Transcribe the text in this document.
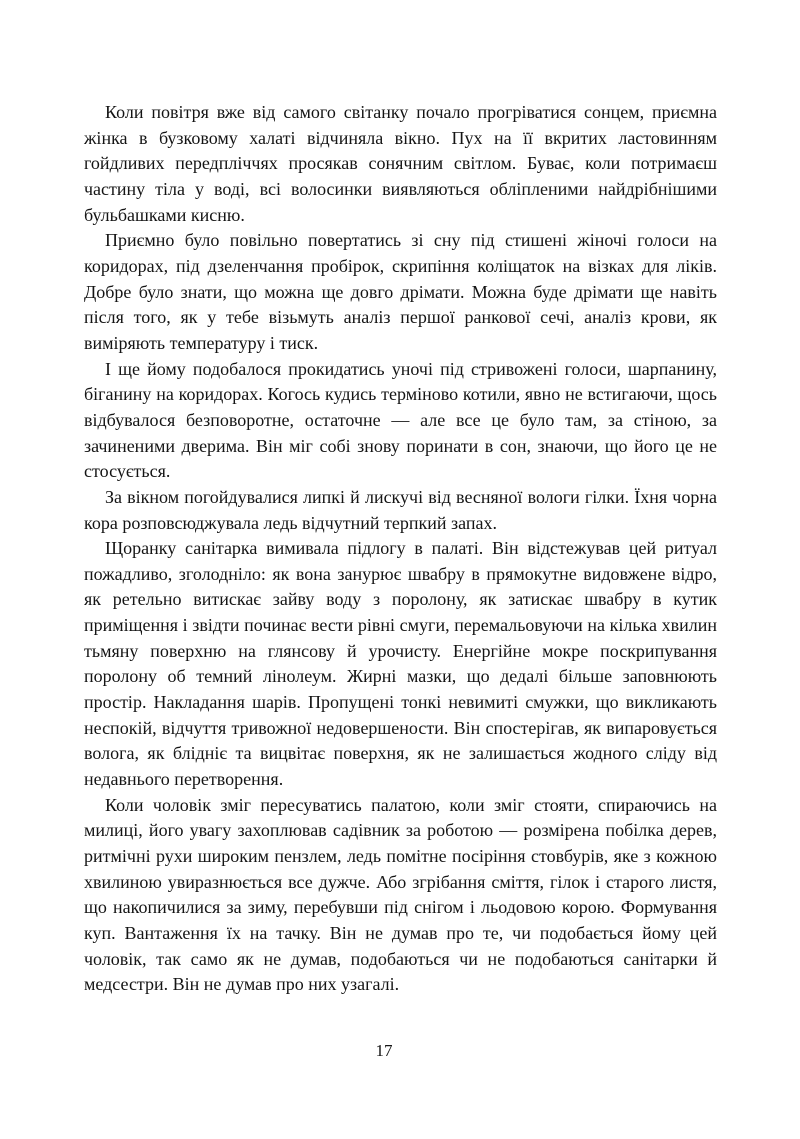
Коли повітря вже від самого світанку почало прогріватися сонцем, приємна жінка в бузковому халаті відчиняла вікно. Пух на її вкритих ластовинням гойдливих передпліччях просякав сонячним світлом. Буває, коли потримаєш частину тіла у воді, всі волосинки виявляються обліпленими найдрібнішими бульбашками кисню.

Приємно було повільно повертатись зі сну під стишені жіночі голоси на коридорах, під дзеленчання пробірок, скрипіння коліщаток на візках для ліків. Добре було знати, що можна ще довго дрімати. Можна буде дрімати ще навіть після того, як у тебе візьмуть аналіз першої ранкової сечі, аналіз крови, як виміряють температуру і тиск.

І ще йому подобалося прокидатись уночі під стривожені голоси, шарпанину, біганину на коридорах. Когось кудись терміново котили, явно не встигаючи, щось відбувалося безповоротне, остаточне — але все це було там, за стіною, за зачиненими дверима. Він міг собі знову поринати в сон, знаючи, що його це не стосується.

За вікном погойдувалися липкі й лискучі від весняної вологи гілки. Їхня чорна кора розповсюджувала ледь відчутний терпкий запах.

Щоранку санітарка вимивала підлогу в палаті. Він відстежував цей ритуал пожадливо, зголодніло: як вона занурює швабру в прямокутне видовжене відро, як ретельно витискає зайву воду з поролону, як затискає швабру в кутик приміщення і звідти починає вести рівні смуги, перемальовуючи на кілька хвилин тьмяну поверхню на глянсову й урочисту. Енергійне мокре поскрипування поролону об темний лінолеум. Жирні мазки, що дедалі більше заповнюють простір. Накладання шарів. Пропущені тонкі невимиті смужки, що викликають неспокій, відчуття тривожної недовершености. Він спостерігав, як випаровується волога, як блідніє та вицвітає поверхня, як не залишається жодного сліду від недавнього перетворення.

Коли чоловік зміг пересуватись палатою, коли зміг стояти, спираючись на милиці, його увагу захоплював садівник за роботою — розмірена побілка дерев, ритмічні рухи широким пензлем, ледь помітне посіріння стовбурів, яке з кожною хвилиною увиразнюється все дужче. Або згрібання сміття, гілок і старого листя, що накопичилися за зиму, перебувши під снігом і льодовою корою. Формування куп. Вантаження їх на тачку. Він не думав про те, чи подобається йому цей чоловік, так само як не думав, подобаються чи не подобаються санітарки й медсестри. Він не думав про них узагалі.

17
